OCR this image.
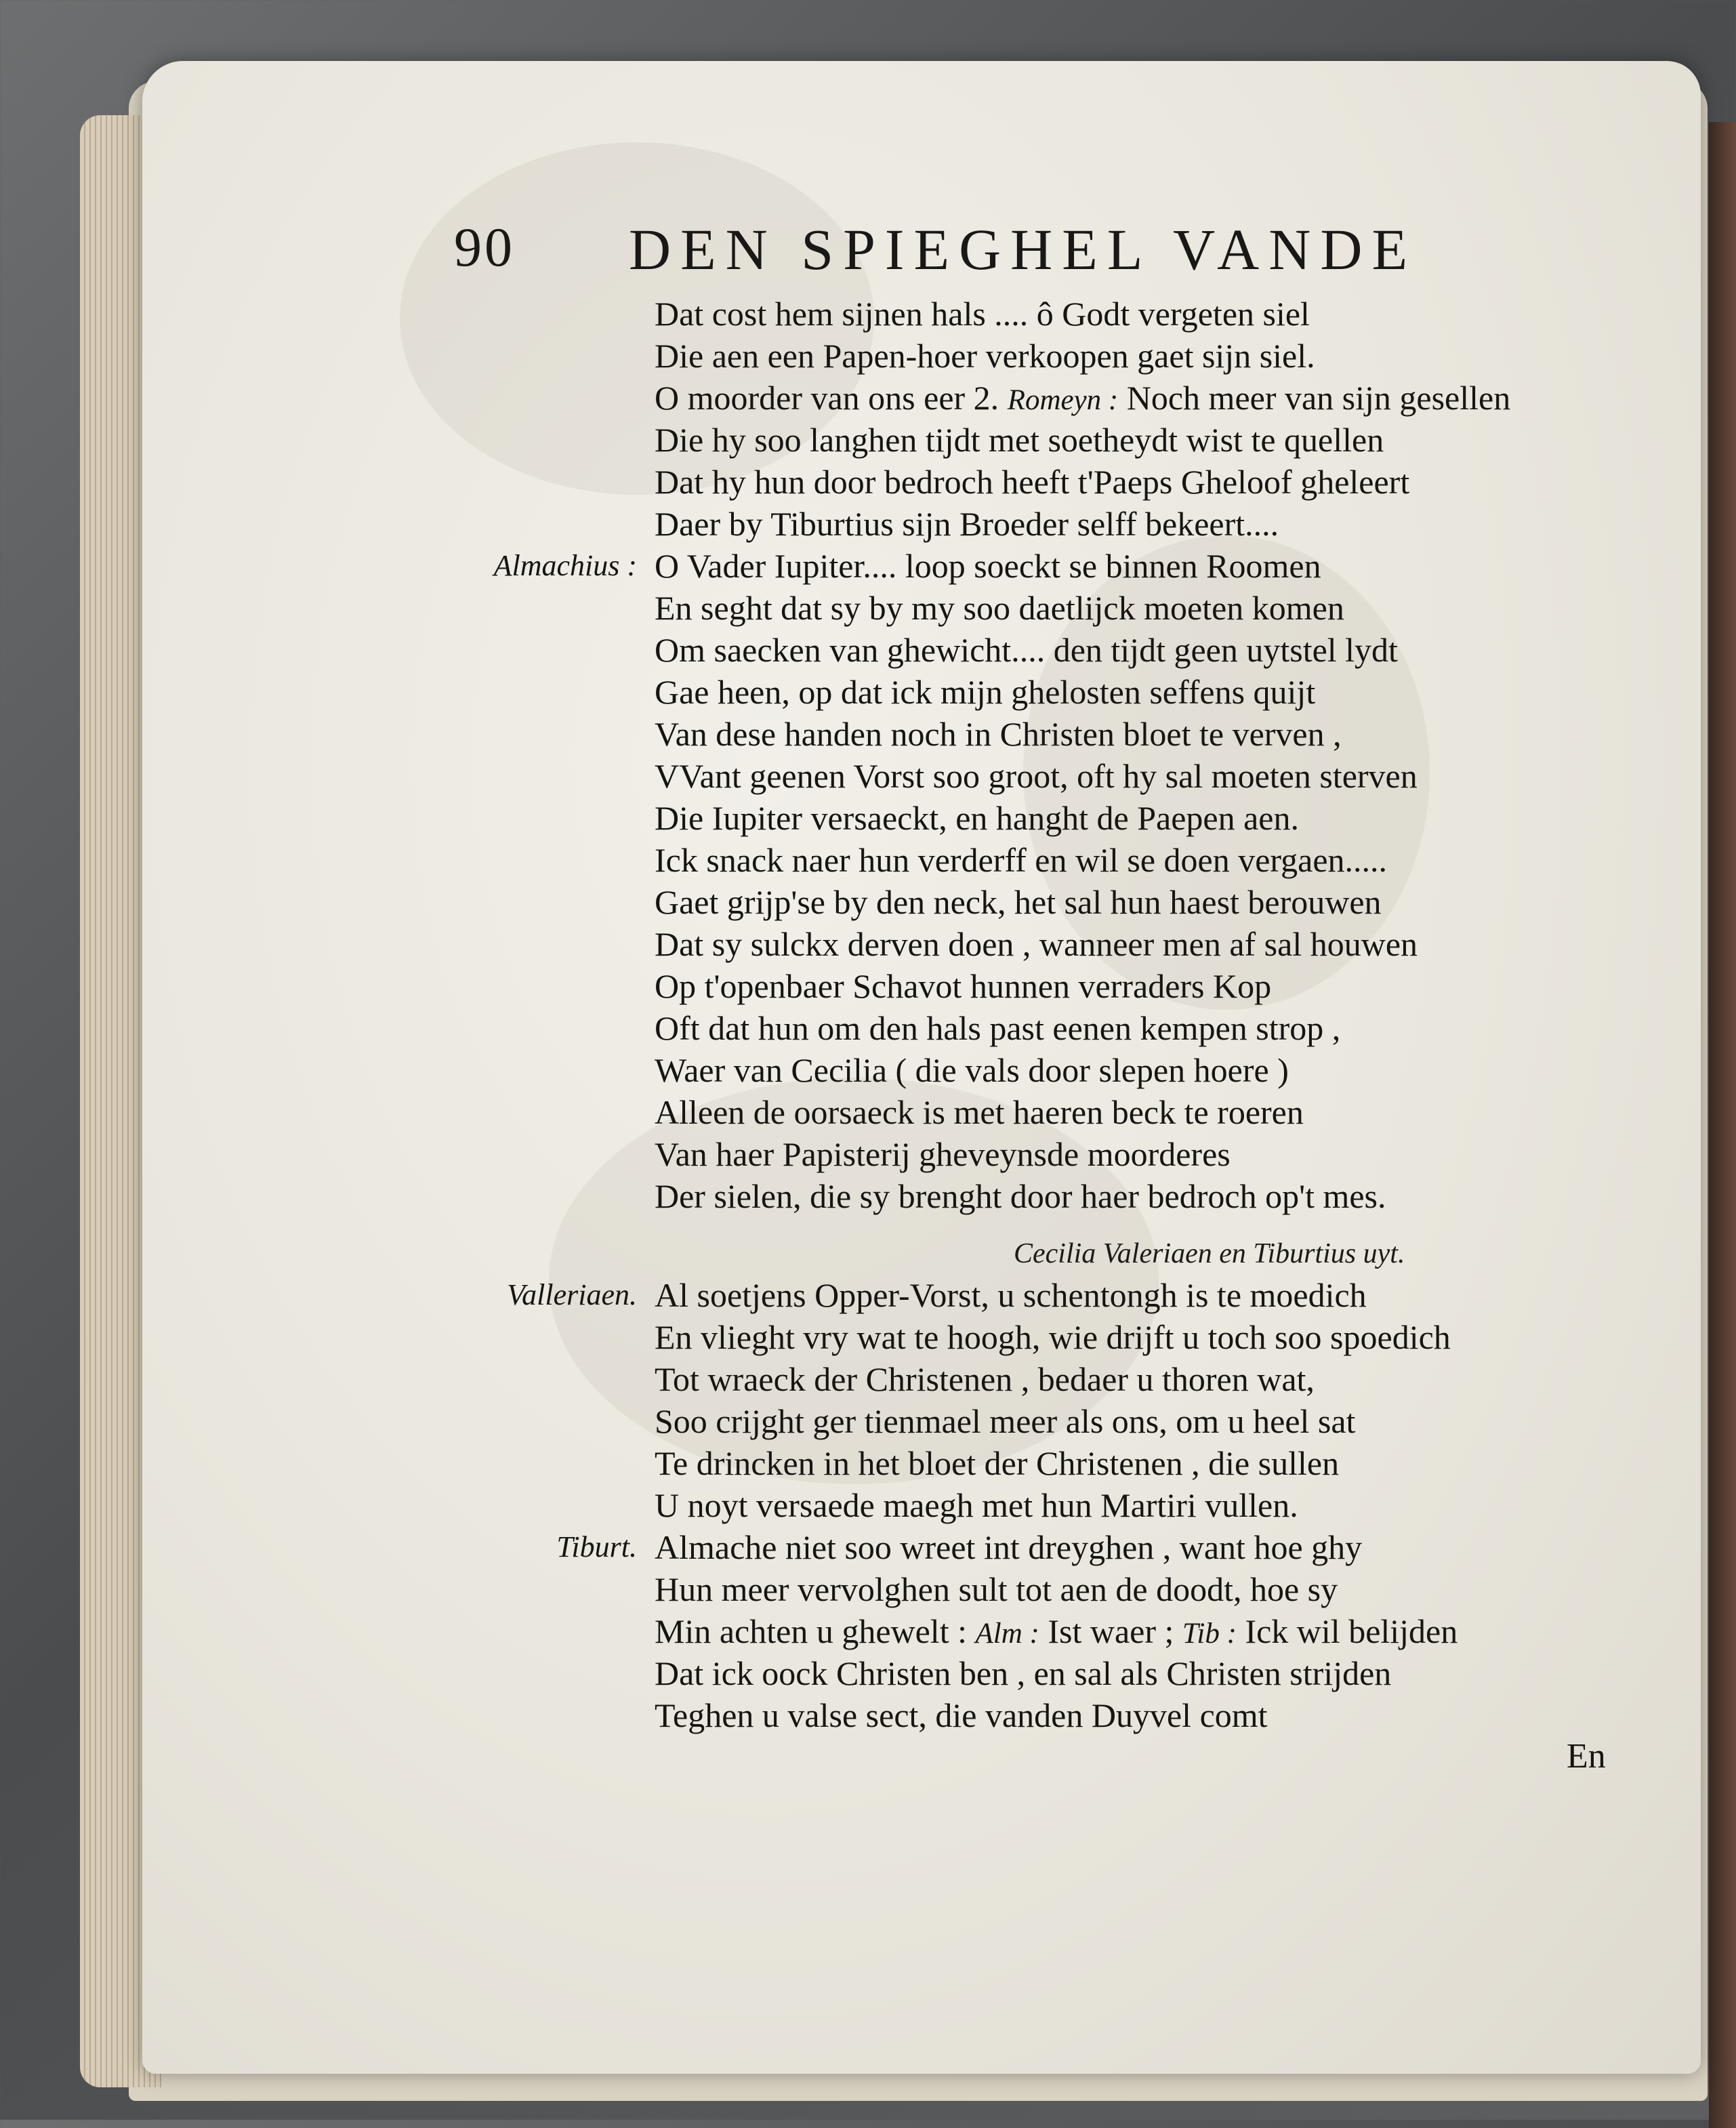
90 DEN SPIEGHEL VANDE
Dat cost hem sijnen hals .... ô Godt vergeten siel
Die aen een Papen-hoer verkoopen gaet sijn siel.
O moorder van ons eer 2. Romeyn : Noch meer van sijn gesellen
Die hy soo langhen tijdt met soetheydt wist te quellen
Dat hy hun door bedroch heeft t'Paeps Gheloof gheleert
Daer by Tiburtius sijn Broeder selff bekeert....
Almachius : O Vader Iupiter.... loop soeckt se binnen Roomen
En seght dat sy by my soo daetlijck moeten komen
Om saecken van ghewicht.... den tijdt geen uytstel lydt
Gae heen, op dat ick mijn ghelosten seffens quijt
Van dese handen noch in Christen bloet te verven ,
VVant geenen Vorst soo groot, oft hy sal moeten sterven
Die Iupiter versaeckt, en hanght de Paepen aen.
Ick snack naer hun verderff en wil se doen vergaen.....
Gaet grijp'se by den neck, het sal hun haest berouwen
Dat sy sulckx derven doen , wanneer men af sal houwen
Op t'openbaer Schavot hunnen verraders Kop
Oft dat hun om den hals past eenen kempen strop ,
Waer van Cecilia ( die vals door slepen hoere )
Alleen de oorsaeck is met haeren beck te roeren
Van haer Papisterij gheveynsde moorderes
Der sielen, die sy brenght door haer bedroch op't mes.
Cecilia Valeriaen en Tiburtius uyt.
Valleriaen. Al soetjens Opper-Vorst, u schentongh is te moedich
En vlieght vry wat te hoogh, wie drijft u toch soo spoedich
Tot wraeck der Christenen , bedaer u thoren wat,
Soo crijght ger tienmael meer als ons, om u heel sat
Te drincken in het bloet der Christenen , die sullen
U noyt versaede maegh met hun Martiri vullen.
Tiburt. Almache niet soo wreet int dreyghen , want hoe ghy
Hun meer vervolghen sult tot aen de doodt, hoe sy
Min achten u ghewelt : Alm : Ist waer ; Tib : Ick wil belijden
Dat ick oock Christen ben , en sal als Christen strijden
Teghen u valse sect, die vanden Duyvel comt
En
